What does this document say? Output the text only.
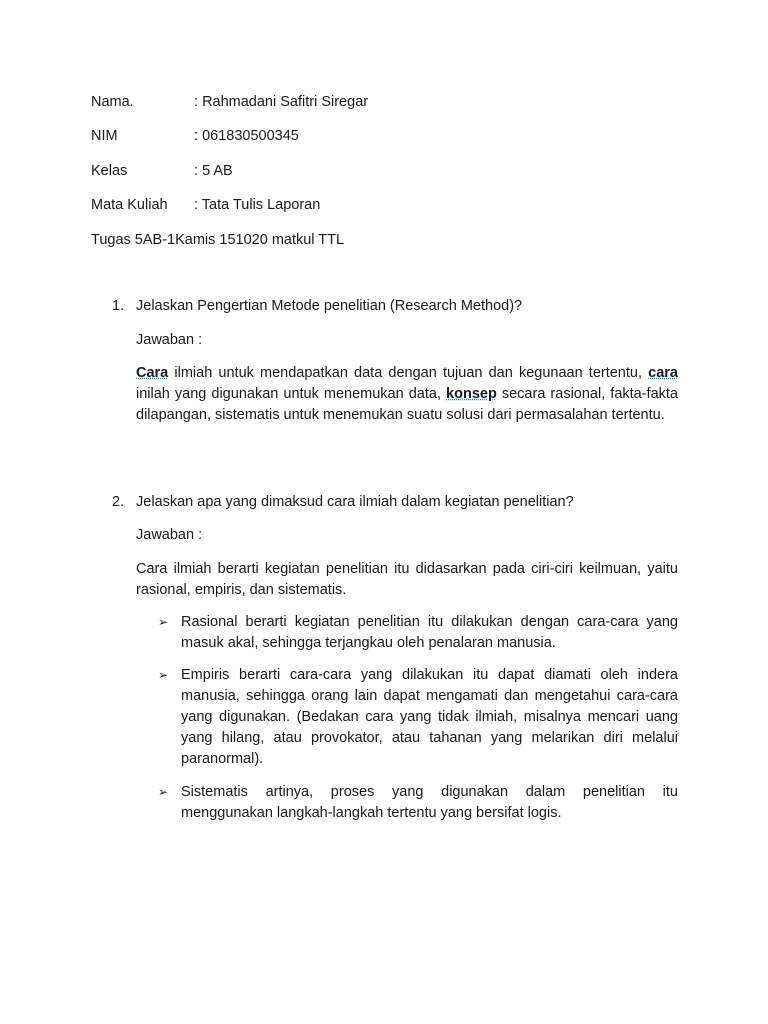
Nama.	: Rahmadani Safitri Siregar
NIM	: 061830500345
Kelas	: 5 AB
Mata Kuliah : Tata Tulis Laporan
Tugas 5AB-1Kamis 151020 matkul TTL
1. Jelaskan Pengertian Metode penelitian (Research Method)?
Jawaban :
Cara ilmiah untuk mendapatkan data dengan tujuan dan kegunaan tertentu, cara inilah yang digunakan untuk menemukan data, konsep secara rasional, fakta-fakta dilapangan, sistematis untuk menemukan suatu solusi dari permasalahan tertentu.
2. Jelaskan apa yang dimaksud cara ilmiah dalam kegiatan penelitian?
Jawaban :
Cara ilmiah berarti kegiatan penelitian itu didasarkan pada ciri-ciri keilmuan, yaitu rasional, empiris, dan sistematis.
➢ Rasional berarti kegiatan penelitian itu dilakukan dengan cara-cara yang masuk akal, sehingga terjangkau oleh penalaran manusia.
➢ Empiris berarti cara-cara yang dilakukan itu dapat diamati oleh indera manusia, sehingga orang lain dapat mengamati dan mengetahui cara-cara yang digunakan. (Bedakan cara yang tidak ilmiah, misalnya mencari uang yang hilang, atau provokator, atau tahanan yang melarikan diri melalui paranormal).
➢ Sistematis artinya, proses yang digunakan dalam penelitian itu menggunakan langkah-langkah tertentu yang bersifat logis.
